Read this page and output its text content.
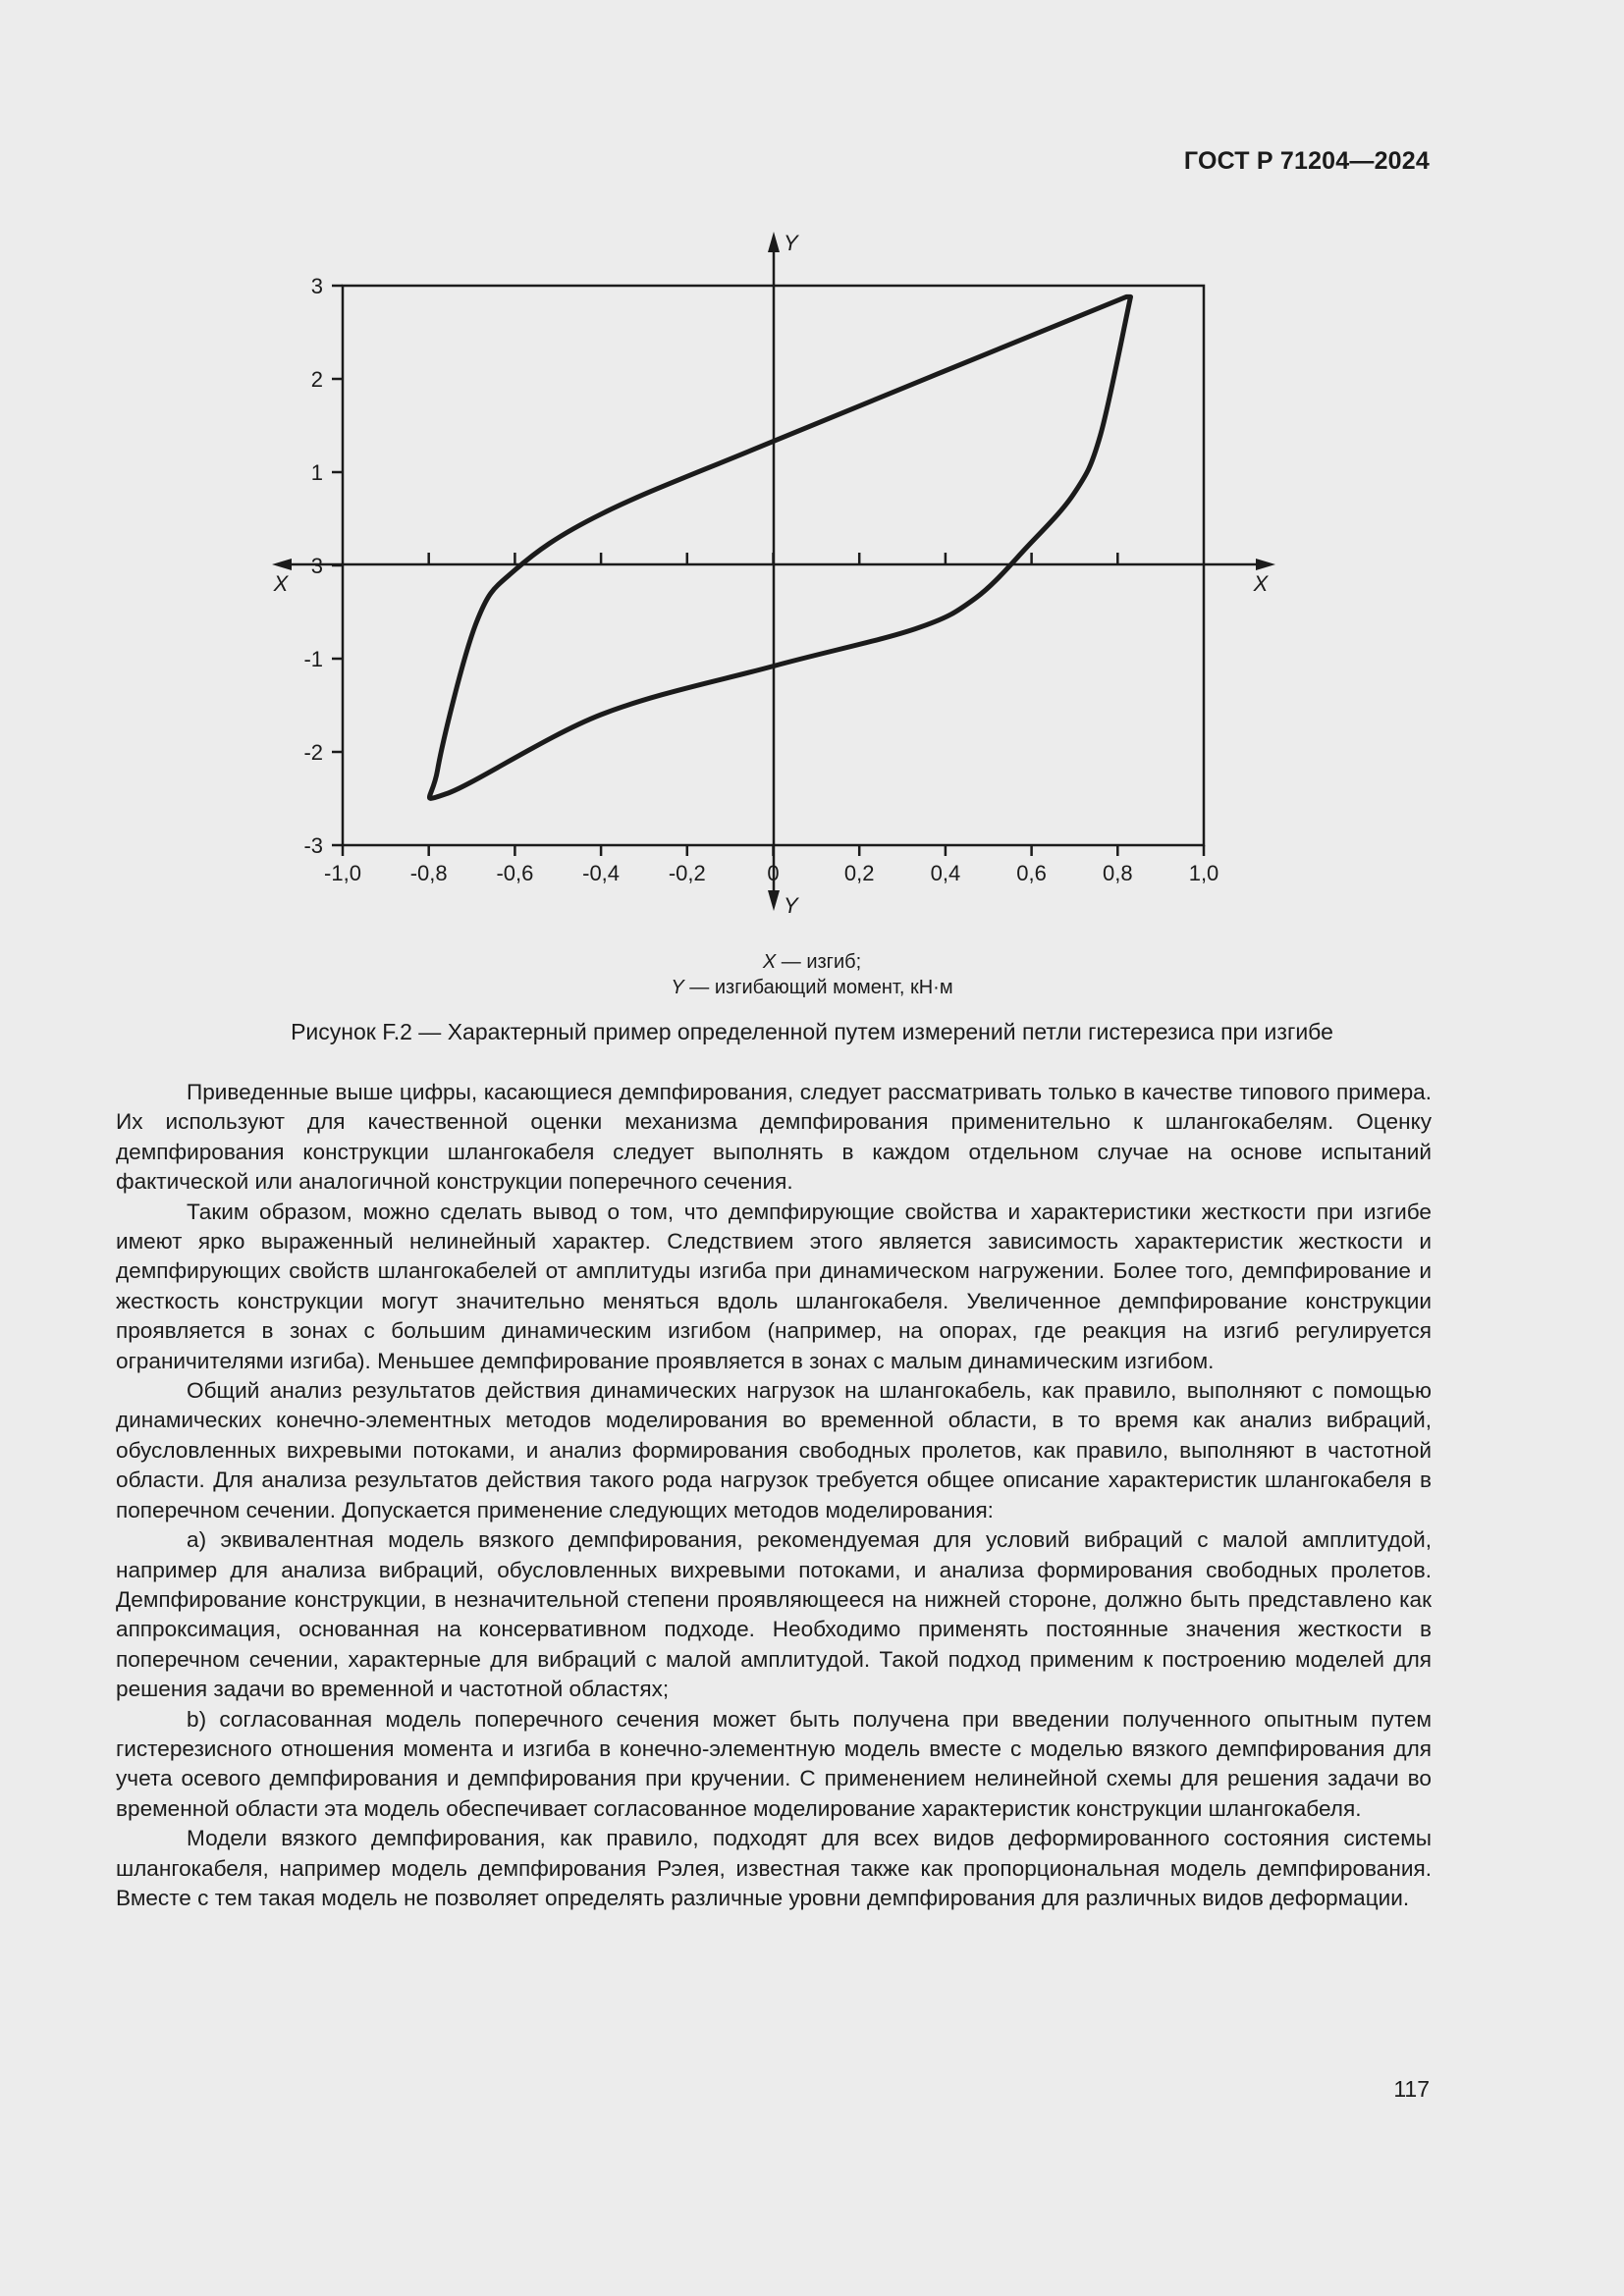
ГОСТ Р 71204—2024
X	X
Y
Y
-1,0 -0,8 -0,6 -0,4 -0,2	0	0,2	0,4	0,6	0,8	1,0
3
2
1
3
-1
-2
-3
X — изгиб;
Y — изгибающий момент, кН·м
Рисунок F.2 — Характерный пример определенной путем измерений петли гистерезиса при изгибе

Приведенные выше цифры, касающиеся демпфирования, следует рассматривать только в качестве типового примера. Их используют для качественной оценки механизма демпфирования применительно к шлангокабелям. Оценку демпфирования конструкции шлангокабеля следует выполнять в каждом отдельном случае на основе испытаний фактической или аналогичной конструкции поперечного сечения.

Таким образом, можно сделать вывод о том, что демпфирующие свойства и характеристики жесткости при изгибе имеют ярко выраженный нелинейный характер. Следствием этого является зависимость характеристик жесткости и демпфирующих свойств шлангокабелей от амплитуды изгиба при динамическом нагружении. Более того, демпфирование и жесткость конструкции могут значительно меняться вдоль шлангокабеля. Увеличенное демпфирование конструкции проявляется в зонах с большим динамическим изгибом (например, на опорах, где реакция на изгиб регулируется ограничителями изгиба). Меньшее демпфирование проявляется в зонах с малым динамическим изгибом.

Общий анализ результатов действия динамических нагрузок на шлангокабель, как правило, выполняют с помощью динамических конечно-элементных методов моделирования во временной области, в то время как анализ вибраций, обусловленных вихревыми потоками, и анализ формирования свободных пролетов, как правило, выполняют в частотной области. Для анализа результатов действия такого рода нагрузок требуется общее описание характеристик шлангокабеля в поперечном сечении. Допускается применение следующих методов моделирования:

а) эквивалентная модель вязкого демпфирования, рекомендуемая для условий вибраций с малой амплитудой, например для анализа вибраций, обусловленных вихревыми потоками, и анализа формирования свободных пролетов. Демпфирование конструкции, в незначительной степени проявляющееся на нижней стороне, должно быть представлено как аппроксимация, основанная на консервативном подходе. Необходимо применять постоянные значения жесткости в поперечном сечении, характерные для вибраций с малой амплитудой. Такой подход применим к построению моделей для решения задачи во временной и частотной областях;

b) согласованная модель поперечного сечения может быть получена при введении полученного опытным путем гистерезисного отношения момента и изгиба в конечно-элементную модель вместе с моделью вязкого демпфирования для учета осевого демпфирования и демпфирования при кручении. С применением нелинейной схемы для решения задачи во временной области эта модель обеспечивает согласованное моделирование характеристик конструкции шлангокабеля.

Модели вязкого демпфирования, как правило, подходят для всех видов деформированного состояния системы шлангокабеля, например модель демпфирования Рэлея, известная также как пропорциональная модель демпфирования. Вместе с тем такая модель не позволяет определять различные уровни демпфирования для различных видов деформации.

117
